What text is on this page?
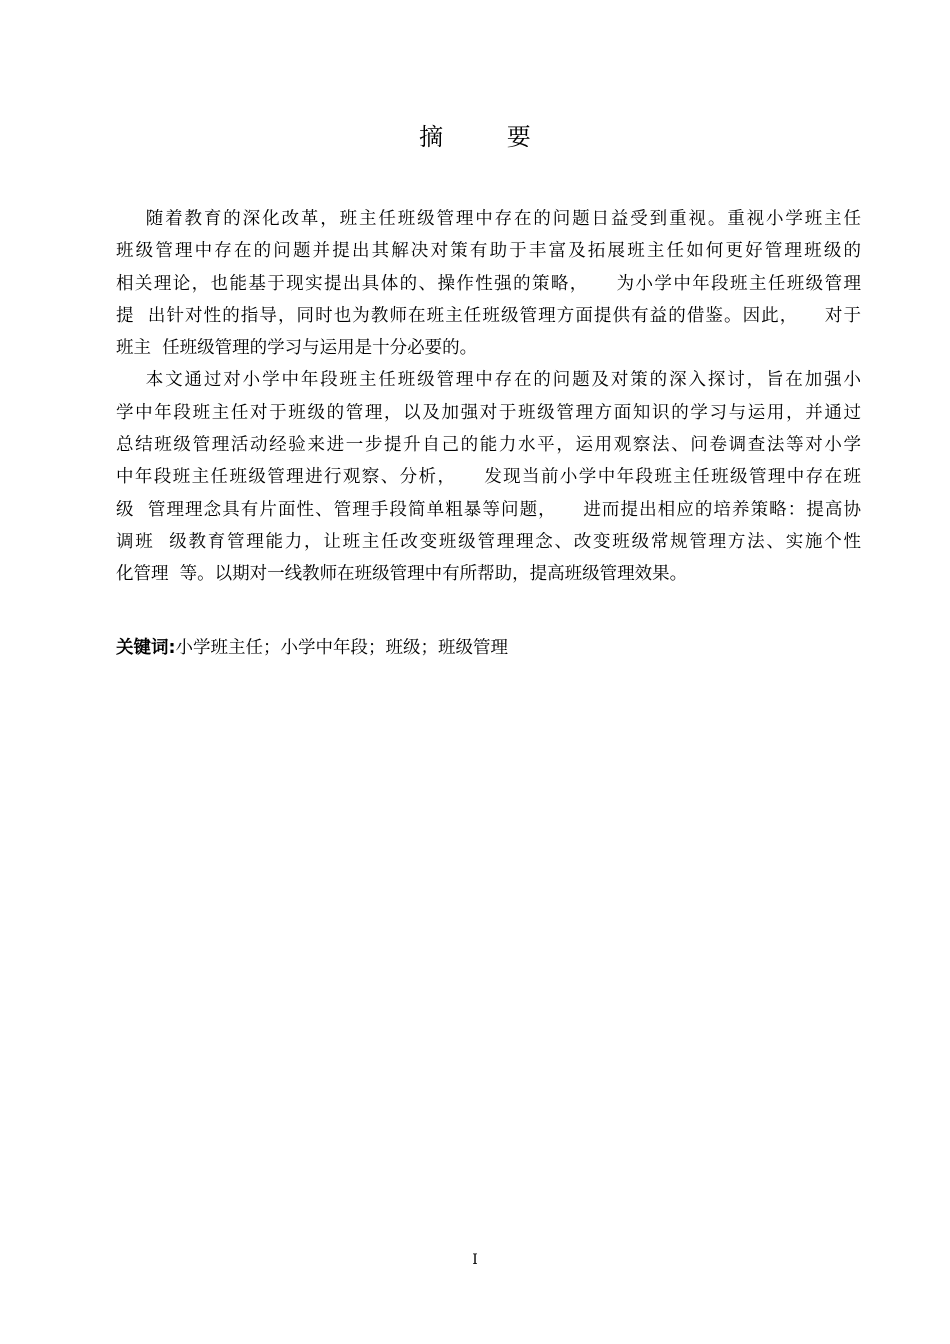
摘 要
随着教育的深化改革，班主任班级管理中存在的问题日益受到重视。重视小学班主任
班级管理中存在的问题并提出其解决对策有助于丰富及拓展班主任如何更好管理班级的
相关理论，也能基于现实提出具体的、操作性强的策略，    为小学中年段班主任班级管理
提  出针对性的指导，同时也为教师在班主任班级管理方面提供有益的借鉴。因此，    对于
班主  任班级管理的学习与运用是十分必要的。
本文通过对小学中年段班主任班级管理中存在的问题及对策的深入探讨，旨在加强小
学中年段班主任对于班级的管理，以及加强对于班级管理方面知识的学习与运用，并通过
总结班级管理活动经验来进一步提升自己的能力水平，运用观察法、问卷调查法等对小学
中年段班主任班级管理进行观察、分析，    发现当前小学中年段班主任班级管理中存在班
级  管理理念具有片面性、管理手段简单粗暴等问题，    进而提出相应的培养策略：提高协
调班  级教育管理能力，让班主任改变班级管理理念、改变班级常规管理方法、实施个性
化管理  等。以期对一线教师在班级管理中有所帮助，提高班级管理效果。
关键词:小学班主任；小学中年段；班级；班级管理
I
